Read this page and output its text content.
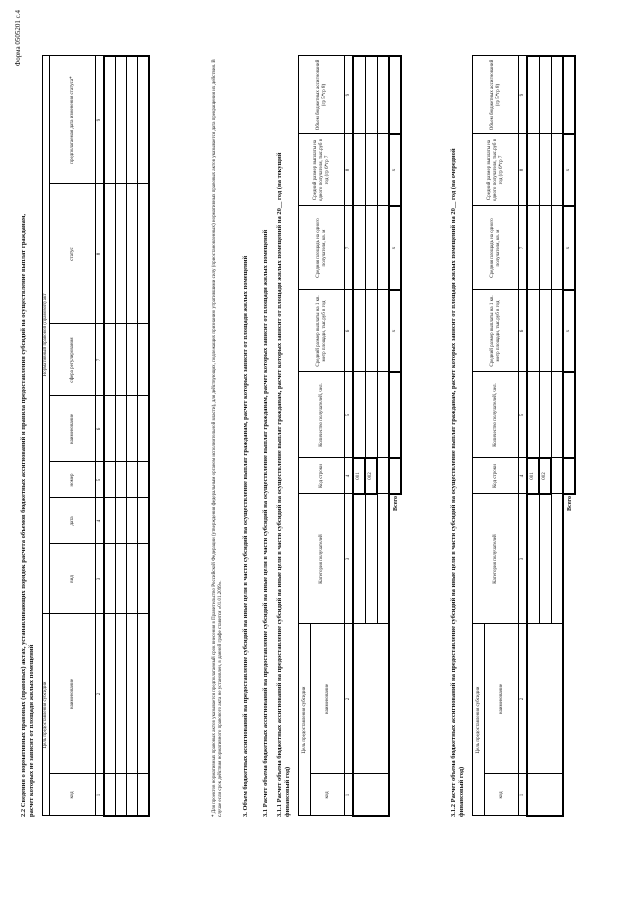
Форма 0505201 с.4
2.2 Сведения о нормативных правовых (правовых) актах, устанавливающих порядок расчета объемов бюджетных ассигнований и правила предоставления субсидий на осуществление выплат гражданам, расчет которых не зависит от площади жилых помещений Цель предоставления субсидии		Нормативный правовой (правовой) акт						
код	наименование	вид	дата	номер	наименование	сфера регулирования	статус	предполагаемая дата изменения статуса*
1	2	3	4	5	6	7	8	9

									* Для проектов нормативных правовых актов указывается предполагаемый срок внесения в Правительство Российской Федерации (утверждения федеральным органом исполнительной власти), для действующих, подлежащих признанию утратившими силу (приостановленных) нормативных правовых актов указывается дата прекращения их действия. В случае если срок действия нормативного правового акта не установлен, в данной графе ставится «01.01.2099».	3. Объем бюджетных ассигнований на предоставление субсидий на иные цели в части субсидий на осуществление выплат гражданам, расчет которых зависит от площади жилых помещений 3.1 Расчет объема бюджетных ассигнований на предоставление субсидий на иные цели в части субсидий на осуществление выплат гражданам, расчет которых зависит от площади жилых помещений 3.1.1 Расчет объема бюджетных ассигнований на предоставление субсидий на иные цели в части субсидий на осуществление выплат гражданам, расчет которых зависит от площади жилых помещений на 20__ год (на текущий финансовый год)
Цель предоставления субсидии		Категория получателей	Код строки	Количество получателей, чел.	Средний размер выплаты на 1 кв. метр площади, тыс.руб в год	Средняя площадь на одного получателя, кв. м	Средний размер выплаты на одного получателя, тыс.руб в год (гр 6*гр 7	Объем бюджетных ассигнований (гр 5*гр 8)
код	наименование							
1	2	3	4	5	6	7	8	9
			001					
			002					

Всего					x	x	x		3.1.2 Расчет объема бюджетных ассигнований на предоставление субсидий на иные цели в части субсидий на осуществление выплат гражданам, расчет которых зависит от площади жилых помещений на 20__ год (на очередной финансовый год)
Цель предоставления субсидии		Категория получателей	Код строки	Количество получателей, чел.	Средний размер выплаты на 1 кв. метр площади, тыс.руб в год	Средняя площадь на одного получателя, кв. м	Средний размер выплаты на одного получателя, тыс.руб в год (гр 6*гр 7	Объем бюджетных ассигнований (гр 5*гр 8)
код	наименование							
1	2	3	4	5	6	7	8	9
			001					
			002					

Всего					x	x	x	
